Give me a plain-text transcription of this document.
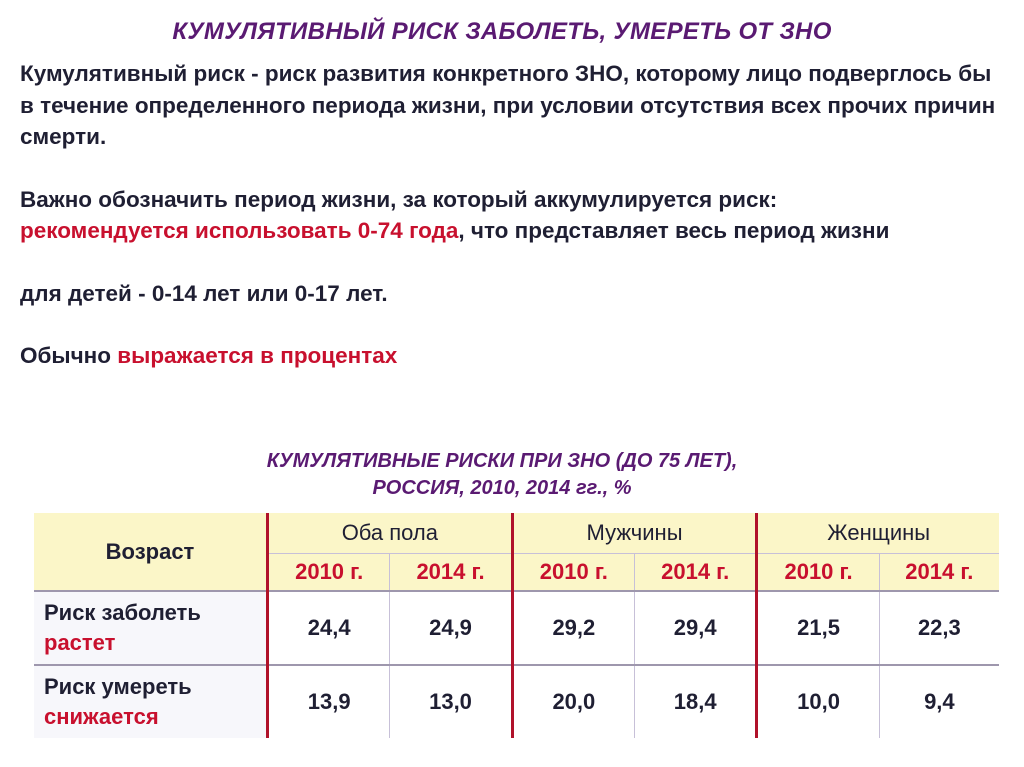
КУМУЛЯТИВНЫЙ РИСК ЗАБОЛЕТЬ, УМЕРЕТЬ ОТ ЗНО

Кумулятивный риск - риск развития конкретного ЗНО, которому лицо подверглось бы в течение определенного периода жизни, при условии отсутствия всех прочих причин смерти.

Важно обозначить период жизни, за который аккумулируется риск:
рекомендуется использовать 0-74 года, что представляет весь период жизни

для детей - 0-14 лет или 0-17 лет.

Обычно выражается в процентах

КУМУЛЯТИВНЫЕ РИСКИ ПРИ ЗНО (ДО 75 ЛЕТ),
РОССИЯ, 2010, 2014 гг., %
Возраст	Оба пола		Мужчины		Женщины	
	2010 г.	2014 г.	2010 г.	2014 г.	2010 г.	2014 г.
Риск заболеть
растет	24,4	24,9	29,2	29,4	21,5	22,3
Риск умереть
снижается	13,9	13,0	20,0	18,4	10,0	9,4
